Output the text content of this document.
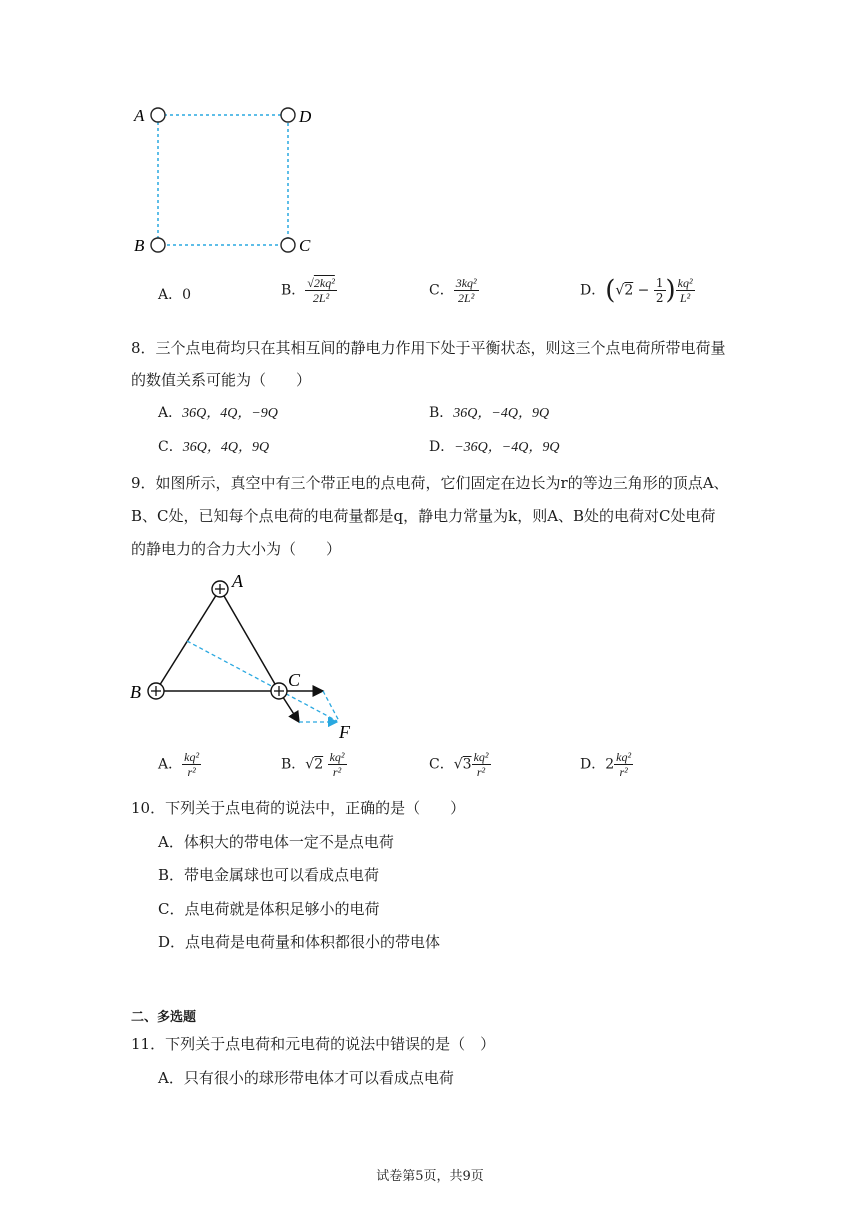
A	D
B	C
A．0	B． $\frac{\text{√2kq²}}{\text{2L²}}$	C． $\frac{\text{3kq²}}{\text{2L²}}$	D．($√2 - \frac{1}{2}$ ) $\frac{\text{kq²}}{\text{L²}}$
8．三个点电荷均只在其相互间的静电力作用下处于平衡状态，则这三个点电荷所带电荷量
的数值关系可能为（　　）
A．36Q，4Q，−9Q	B．36Q，−4Q，9Q
C．36Q，4Q，9Q	D．−36Q，−4Q，9Q
9．如图所示，真空中有三个带正电的点电荷，它们固定在边长为r的等边三角形的顶点A、
B、C处，已知每个点电荷的电荷量都是q，静电力常量为k，则A、B处的电荷对C处电荷
的静电力的合力大小为（　　）
A
B
C
F
A． $\frac{\text{kq²}}{\text{r²}}$	B．$√2 \frac{\text{kq²}}{\text{r²}}$	C．$√3 \frac{\text{kq²}}{\text{r²}}$	D．$2 \frac{\text{kq²}}{\text{r²}}$
10．下列关于点电荷的说法中，正确的是（　　）
A．体积大的带电体一定不是点电荷
B．带电金属球也可以看成点电荷
C．点电荷就是体积足够小的电荷
D．点电荷是电荷量和体积都很小的带电体
二、多选题
11．下列关于点电荷和元电荷的说法中错误的是（　）
A．只有很小的球形带电体才可以看成点电荷
试卷第5页，共9页
